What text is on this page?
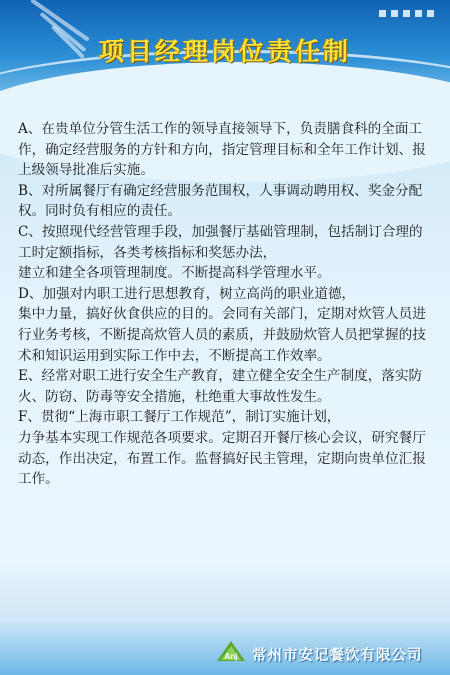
项目经理岗位责任制

A、在贵单位分管生活工作的领导直接领导下，负责膳食科的全面工作，确定经营服务的方针和方向，指定管理目标和全年工作计划、报上级领导批准后实施。

B、对所属餐厅有确定经营服务范围权，人事调动聘用权、奖金分配权。同时负有相应的责任。

C、按照现代经营管理手段，加强餐厅基础管理制，包括制订合理的工时定额指标，各类考核指标和奖惩办法，

建立和建全各项管理制度。不断提高科学管理水平。

D、加强对内职工进行思想教育，树立高尚的职业道德，

集中力量，搞好伙食供应的目的。会同有关部门，定期对炊管人员进行业务考核，不断提高炊管人员的素质，并鼓励炊管人员把掌握的技术和知识运用到实际工作中去，不断提高工作效率。

E、经常对职工进行安全生产教育，建立健全安全生产制度，落实防火、防窃、防毒等安全措施，杜绝重大事故性发生。

F、贯彻“上海市职工餐厅工作规范”，制订实施计划，

力争基本实现工作规范各项要求。定期召开餐厅核心会议，研究餐厅动态，作出决定，布置工作。监督搞好民主管理，定期向贵单位汇报工作。

Anj 常州市安记餐饮有限公司
